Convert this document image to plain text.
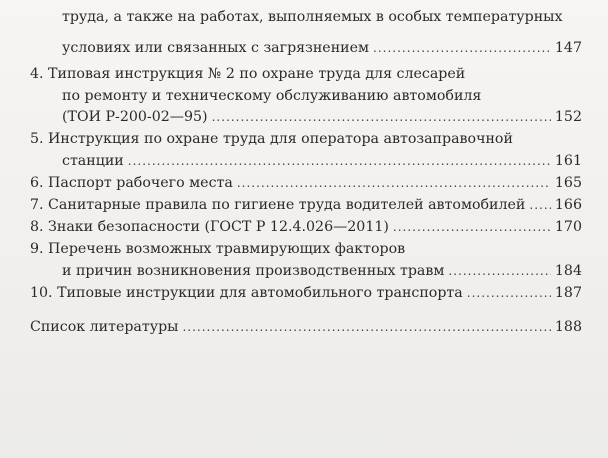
труда, а также на работах, выполняемых в особых температурных
условиях или связанных с загрязнением .....	147
4. Типовая инструкция № 2 по охране труда для слесарей
по ремонту и техническому обслуживанию автомобиля
(ТОИ Р-200-02—95) .....	152
5. Инструкция по охране труда для оператора автозаправочной
станции .....	161
6. Паспорт рабочего места .....	165
7. Санитарные правила по гигиене труда водителей автомобилей ..... 166
8. Знаки безопасности (ГОСТ Р 12.4.026—2011) .....	170
9. Перечень возможных травмирующих факторов
и причин возникновения производственных травм .....	184
10. Типовые инструкции для автомобильного транспорта .....	187
Список литературы .....	188
